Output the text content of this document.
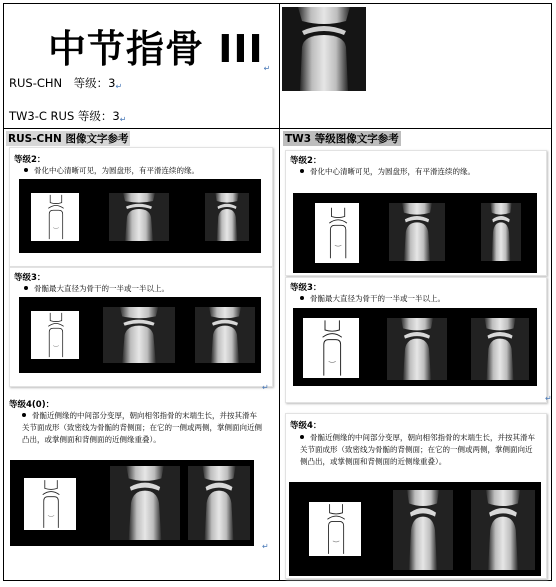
中节指骨 III↵
RUS-CHN　等级：3↵
TW3-C RUS 等级：3↵
RUS-CHN 图像文字参考	TW3 等级图像文字参考
等级2：
骨化中心清晰可见，为圆盘形，有平滑连续的缘。
等级3：
骨骺最大直径为骨干的一半或一半以上。
↵
等级4(0)：
骨骺近侧缘的中间部分变厚，朝向相邻指骨的末端生长，并按其滑车关节面成形（致密线为骨骺的背侧面；在它的一侧或两侧，掌侧面向近侧凸出，或掌侧面和背侧面的近侧缘重叠）。
↵
等级2：
骨化中心清晰可见，为圆盘形，有平滑连续的缘。
等级3：
骨骺最大直径为骨干的一半或一半以上。
↵
等级4：
骨骺近侧缘的中间部分变厚，朝向相邻指骨的末端生长，并按其滑车关节面成形（致密线为骨骺的背侧面；在它的一侧或两侧，掌侧面向近侧凸出，或掌侧面和背侧面的近侧缘重叠）。
